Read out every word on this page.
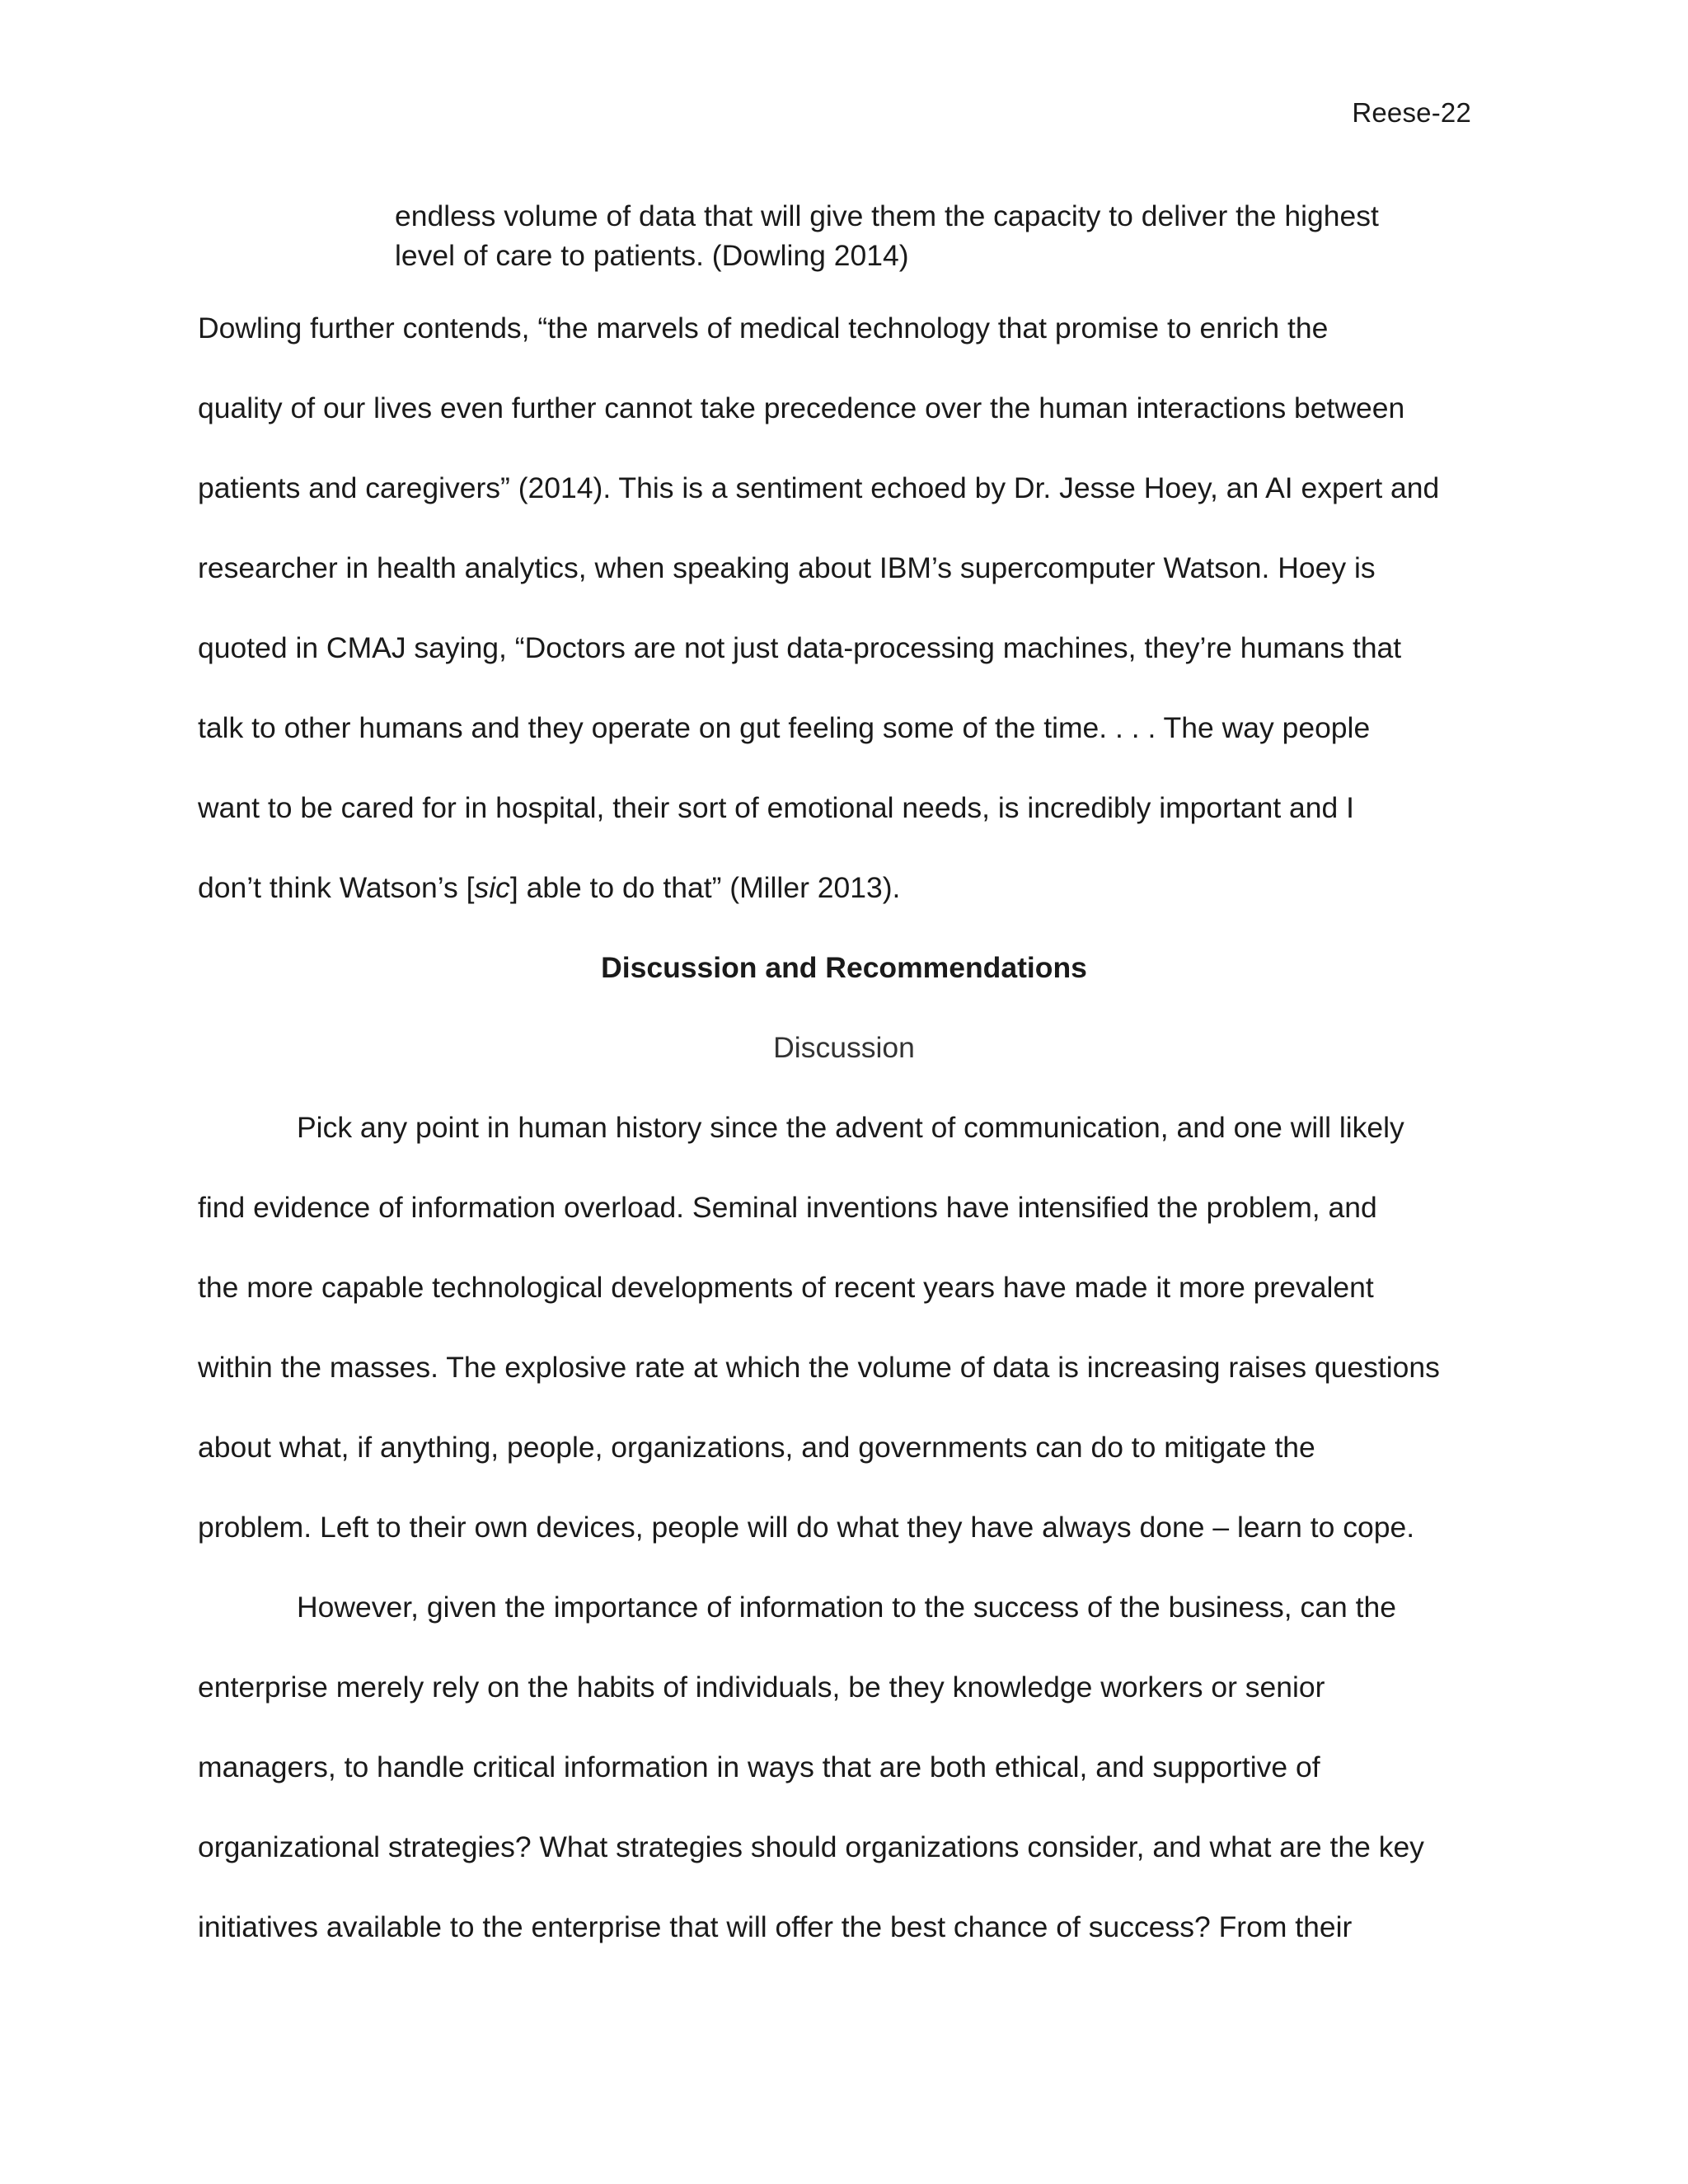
Reese-22

endless volume of data that will give them the capacity to deliver the highest

level of care to patients. (Dowling 2014)

Dowling further contends, “the marvels of medical technology that promise to enrich the
quality of our lives even further cannot take precedence over the human interactions between
patients and caregivers” (2014). This is a sentiment echoed by Dr. Jesse Hoey, an AI expert and
researcher in health analytics, when speaking about IBM’s supercomputer Watson. Hoey is
quoted in CMAJ saying, “Doctors are not just data-processing machines, they’re humans that
talk to other humans and they operate on gut feeling some of the time. . . . The way people
want to be cared for in hospital, their sort of emotional needs, is incredibly important and I
don’t think Watson’s [sic] able to do that” (Miller 2013).
Discussion and Recommendations
Discussion
Pick any point in human history since the advent of communication, and one will likely
find evidence of information overload. Seminal inventions have intensified the problem, and
the more capable technological developments of recent years have made it more prevalent
within the masses. The explosive rate at which the volume of data is increasing raises questions
about what, if anything, people, organizations, and governments can do to mitigate the
problem. Left to their own devices, people will do what they have always done – learn to cope.
However, given the importance of information to the success of the business, can the
enterprise merely rely on the habits of individuals, be they knowledge workers or senior
managers, to handle critical information in ways that are both ethical, and supportive of
organizational strategies? What strategies should organizations consider, and what are the key
initiatives available to the enterprise that will offer the best chance of success? From their
